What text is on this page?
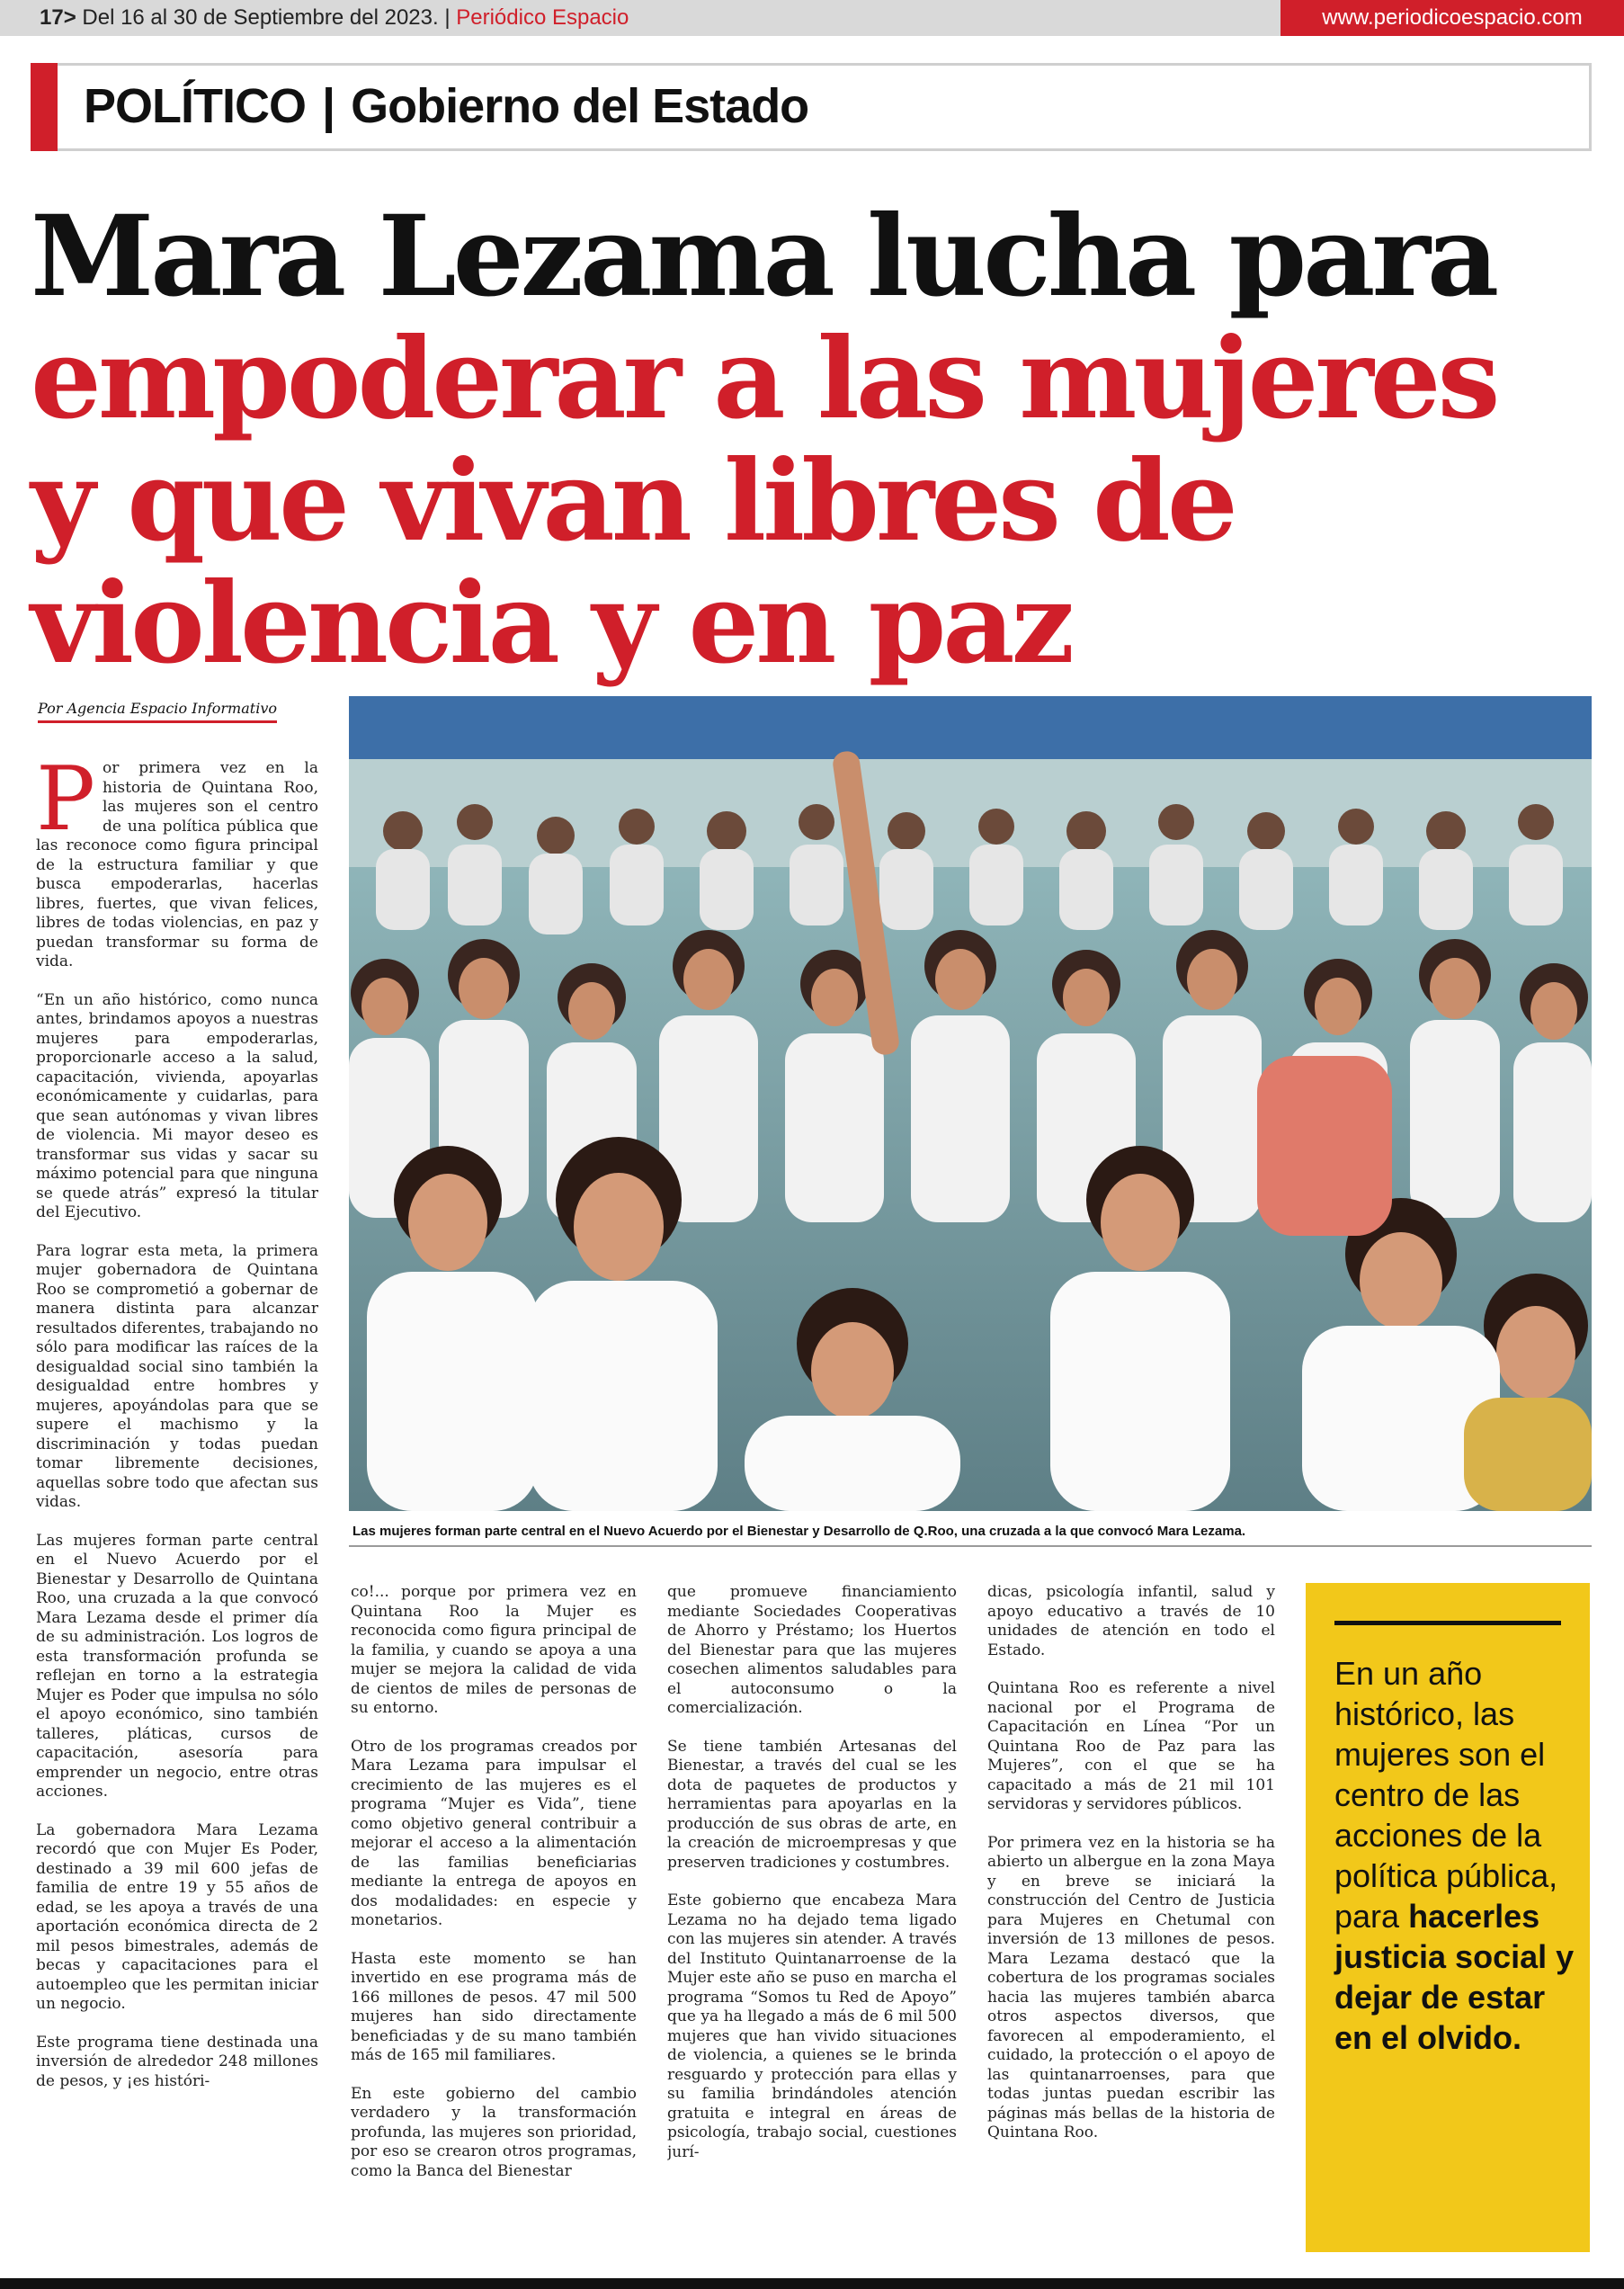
17> Del 16 al 30 de Septiembre del 2023. | Periódico Espacio	www.periodicoespacio.com
POLÍTICO | Gobierno del Estado
Mara Lezama lucha para
empoderar a las mujeres
y que vivan libres de
violencia y en paz
Por Agencia Espacio Informativo
Las mujeres forman parte central en el Nuevo Acuerdo por el Bienestar y Desarrollo de Q.Roo, una cruzada a la que convocó Mara Lezama.

Por primera vez en la historia de Quintana Roo, las mujeres son el centro de una política pública que las reconoce como figura principal de la estructura familiar y que busca empoderarlas, hacerlas libres, fuertes, que vivan felices, libres de todas violencias, en paz y puedan transformar su forma de vida.

“En un año histórico, como nunca antes, brindamos apoyos a nuestras mujeres para empoderarlas, proporcionarle acceso a la salud, capacitación, vivienda, apoyarlas económicamente y cuidarlas, para que sean autónomas y vivan libres de violencia. Mi mayor deseo es transformar sus vidas y sacar su máximo potencial para que ninguna se quede atrás” expresó la titular del Ejecutivo.

Para lograr esta meta, la primera mujer gobernadora de Quintana Roo se comprometió a gobernar de manera distinta para alcanzar resultados diferentes, trabajando no sólo para modificar las raíces de la desigualdad social sino también la desigualdad entre hombres y mujeres, apoyándolas para que se supere el machismo y la discriminación y todas puedan tomar libremente decisiones, aquellas sobre todo que afectan sus vidas.

Las mujeres forman parte central en el Nuevo Acuerdo por el Bienestar y Desarrollo de Quintana Roo, una cruzada a la que convocó Mara Lezama desde el primer día de su administración. Los logros de esta transformación profunda se reflejan en torno a la estrategia Mujer es Poder que impulsa no sólo el apoyo económico, sino también talleres, pláticas, cursos de capacitación, asesoría para emprender un negocio, entre otras acciones.

La gobernadora Mara Lezama recordó que con Mujer Es Poder, destinado a 39 mil 600 jefas de familia de entre 19 y 55 años de edad, se les apoya a través de una aportación económica directa de 2 mil pesos bimestrales, además de becas y capacitaciones para el autoempleo que les permitan iniciar un negocio.

Este programa tiene destinada una inversión de alrededor 248 millones de pesos, y ¡es históri-

co!... porque por primera vez en Quintana Roo la Mujer es reconocida como figura principal de la familia, y cuando se apoya a una mujer se mejora la calidad de vida de cientos de miles de personas de su entorno.

Otro de los programas creados por Mara Lezama para impulsar el crecimiento de las mujeres es el programa “Mujer es Vida”, tiene como objetivo general contribuir a mejorar el acceso a la alimentación de las familias beneficiarias mediante la entrega de apoyos en dos modalidades: en especie y monetarios.

Hasta este momento se han invertido en ese programa más de 166 millones de pesos. 47 mil 500 mujeres han sido directamente beneficiadas y de su mano también más de 165 mil familiares.

En este gobierno del cambio verdadero y la transformación profunda, las mujeres son prioridad, por eso se crearon otros programas, como la Banca del Bienestar

que promueve financiamiento mediante Sociedades Cooperativas de Ahorro y Préstamo; los Huertos del Bienestar para que las mujeres cosechen alimentos saludables para el autoconsumo o la comercialización.

Se tiene también Artesanas del Bienestar, a través del cual se les dota de paquetes de productos y herramientas para apoyarlas en la producción de sus obras de arte, en la creación de microempresas y que preserven tradiciones y costumbres.

Este gobierno que encabeza Mara Lezama no ha dejado tema ligado con las mujeres sin atender. A través del Instituto Quintanarroense de la Mujer este año se puso en marcha el programa “Somos tu Red de Apoyo” que ya ha llegado a más de 6 mil 500 mujeres que han vivido situaciones de violencia, a quienes se le brinda resguardo y protección para ellas y su familia brindándoles atención gratuita e integral en áreas de psicología, trabajo social, cuestiones jurí-

dicas, psicología infantil, salud y apoyo educativo a través de 10 unidades de atención en todo el Estado.

Quintana Roo es referente a nivel nacional por el Programa de Capacitación en Línea “Por un Quintana Roo de Paz para las Mujeres”, con el que se ha capacitado a más de 21 mil 101 servidoras y servidores públicos.

Por primera vez en la historia se ha abierto un albergue en la zona Maya y en breve se iniciará la construcción del Centro de Justicia para Mujeres en Chetumal con inversión de 13 millones de pesos. Mara Lezama destacó que la cobertura de los programas sociales hacia las mujeres también abarca otros aspectos diversos, que favorecen al empoderamiento, el cuidado, la protección o el apoyo de las quintanarroenses, para que todas juntas puedan escribir las páginas más bellas de la historia de Quintana Roo.

En un año histórico, las mujeres son el centro de las acciones de la política pública, para hacerles justicia social y dejar de estar en el olvido.
